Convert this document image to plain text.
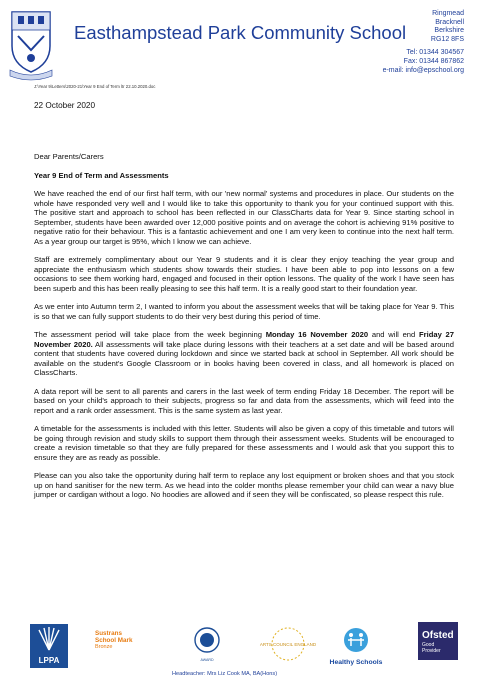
Easthampstead Park Community School
Ringmead
Bracknell
Berkshire
RG12 8FS
Tel: 01344 304567
Fax: 01344 867862
e-mail: info@epschool.org
J:\Year 9\Letters\2020-21\Year 9 End of Term ltr 22.10.2020.doc
22 October 2020

Dear Parents/Carers

Year 9 End of Term and Assessments

We have reached the end of our first half term, with our 'new normal' systems and procedures in place. Our students on the whole have responded very well and I would like to take this opportunity to thank you for your continued support with this. The positive start and approach to school has been reflected in our ClassCharts data for Year 9. Since starting school in September, students have been awarded over 12,000 positive points and on average the cohort is achieving 91% positive to negative ratio for their behaviour. This is a fantastic achievement and one I am very keen to continue into the next half term. As a year group our target is 95%, which I know we can achieve.

Staff are extremely complimentary about our Year 9 students and it is clear they enjoy teaching the year group and appreciate the enthusiasm which students show towards their studies. I have been able to pop into lessons on a few occasions to see them working hard, engaged and focused in their option lessons. The quality of the work I have seen has been superb and this has been really pleasing to see this half term. It is a really good start to their foundation year.

As we enter into Autumn term 2, I wanted to inform you about the assessment weeks that will be taking place for Year 9. This is so that we can fully support students to do their very best during this period of time.

The assessment period will take place from the week beginning Monday 16 November 2020 and will end Friday 27 November 2020. All assessments will take place during lessons with their teachers at a set date and will be based around content that students have covered during lockdown and since we started back at school in September. All work should be available on the student's Google Classroom or in books having been covered in class, and all homework is placed on ClassCharts.

A data report will be sent to all parents and carers in the last week of term ending Friday 18 December. The report will be based on your child's approach to their subjects, progress so far and data from the assessments, which will feed into the report and a rank order assessment. This is the same system as last year.

A timetable for the assessments is included with this letter. Students will also be given a copy of this timetable and tutors will be going through revision and study skills to support them through their assessment weeks. Students will be encouraged to create a revision timetable so that they are fully prepared for these assessments and I would ask that you support this to ensure they are as ready as possible.

Please can you also take the opportunity during half term to replace any lost equipment or broken shoes and that you stock up on hand sanitiser for the new term. As we head into the colder months please remember your child can wear a navy blue jumper or cardigan without a logo. No hoodies are allowed and if seen they will be confiscated, so please respect this rule.

LPPA
Sustrans
School Mark
Bronze
AWARD
ARTS COUNCIL ENGLAND
Healthy Schools
Ofsted
Good
Provider
Headteacher: Mrs Liz Cook MA, BA(Hons)
